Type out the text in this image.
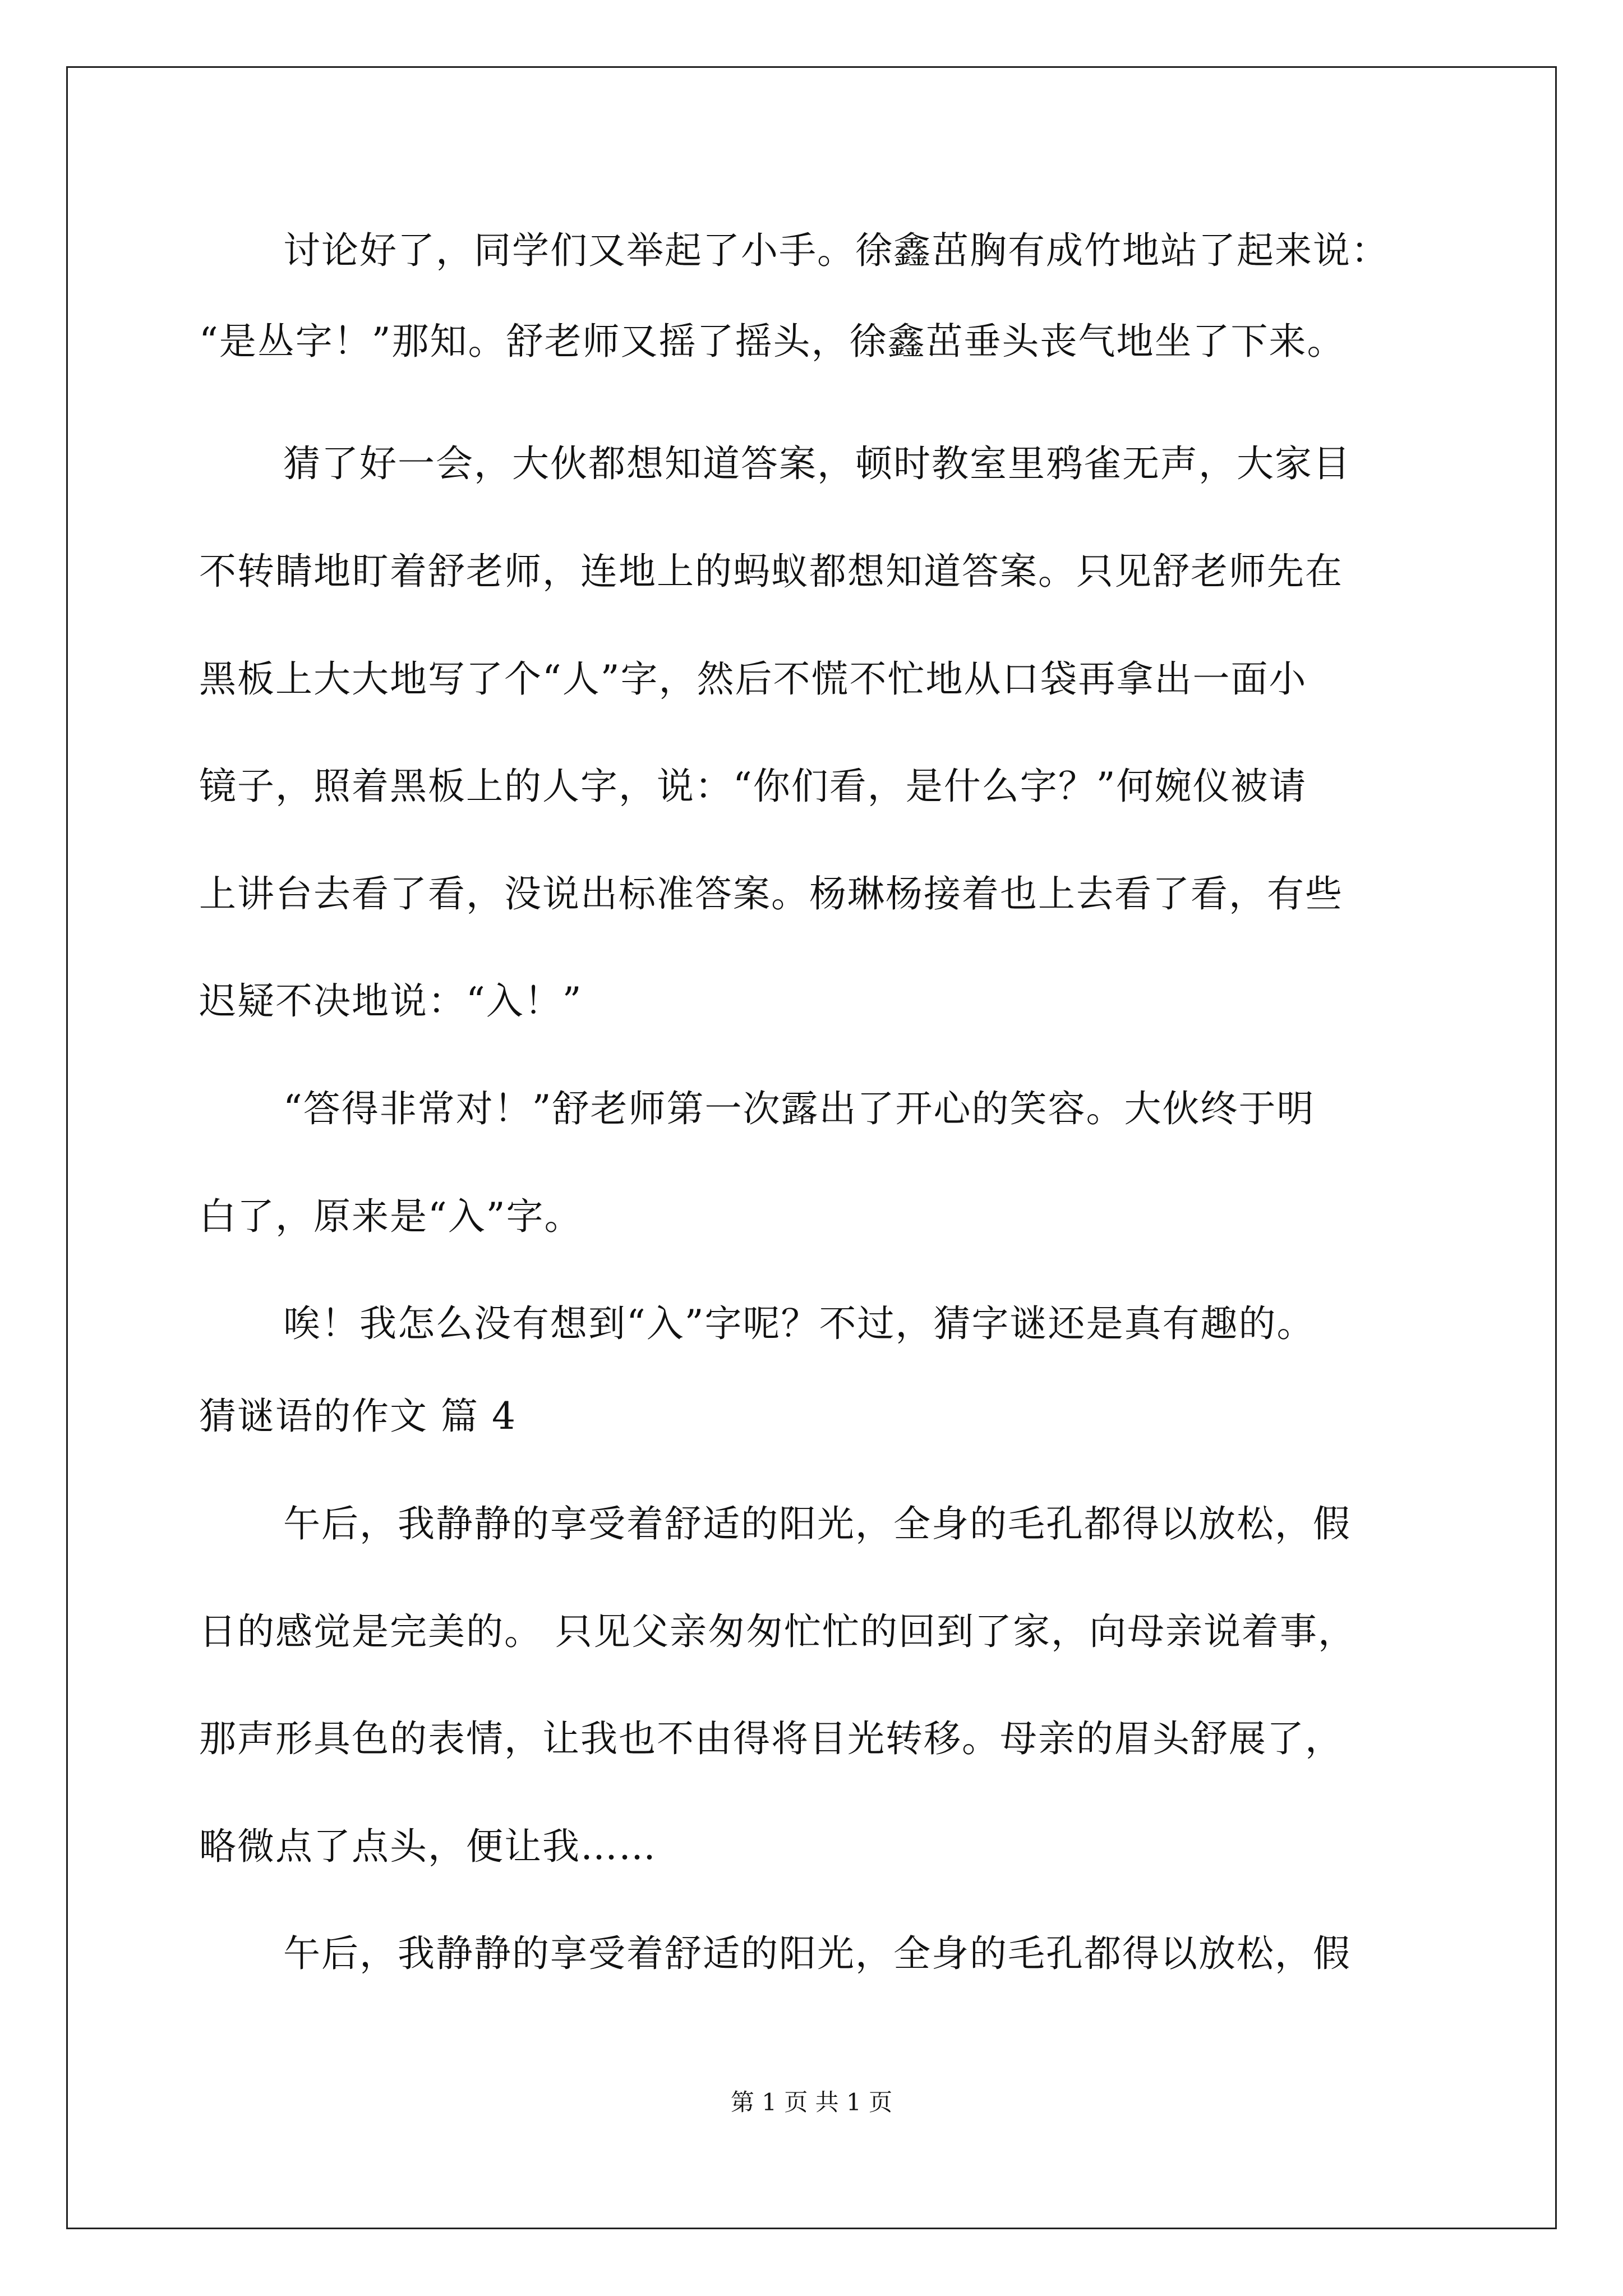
讨论好了，同学们又举起了小手。徐鑫茁胸有成竹地站了起来说：
“是丛字！”那知。舒老师又摇了摇头，徐鑫茁垂头丧气地坐了下来。
猜了好一会，大伙都想知道答案，顿时教室里鸦雀无声，大家目
不转睛地盯着舒老师，连地上的蚂蚁都想知道答案。只见舒老师先在
黑板上大大地写了个“人”字，然后不慌不忙地从口袋再拿出一面小
镜子，照着黑板上的人字，说：“你们看，是什么字？”何婉仪被请
上讲台去看了看，没说出标准答案。杨琳杨接着也上去看了看，有些
迟疑不决地说：“入！”
“答得非常对！”舒老师第一次露出了开心的笑容。大伙终于明
白了，原来是“入”字。
唉！我怎么没有想到“入”字呢？不过，猜字谜还是真有趣的。
猜谜语的作文 篇 4
午后，我静静的享受着舒适的阳光，全身的毛孔都得以放松，假
日的感觉是完美的。 只见父亲匆匆忙忙的回到了家，向母亲说着事，
那声形具色的表情，让我也不由得将目光转移。母亲的眉头舒展了，
略微点了点头，便让我……
午后，我静静的享受着舒适的阳光，全身的毛孔都得以放松，假
第 1 页 共 1 页
